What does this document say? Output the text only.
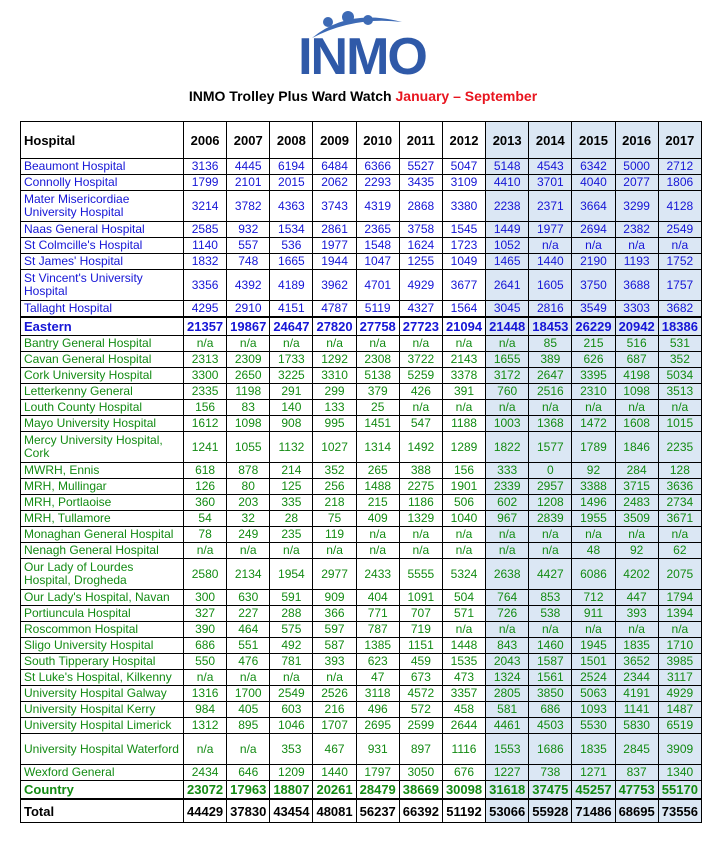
INMO
INMO Trolley Plus Ward Watch January – September
Hospital	2006	2007	2008	2009	2010	2011	2012	2013	2014	2015	2016	2017
Beaumont Hospital	3136	4445	6194	6484	6366	5527	5047	5148	4543	6342	5000	2712
Connolly Hospital	1799	2101	2015	2062	2293	3435	3109	4410	3701	4040	2077	1806
Mater Misericordiae University Hospital	3214	3782	4363	3743	4319	2868	3380	2238	2371	3664	3299	4128
Naas General Hospital	2585	932	1534	2861	2365	3758	1545	1449	1977	2694	2382	2549
St Colmcille's Hospital	1140	557	536	1977	1548	1624	1723	1052	n/a	n/a	n/a	n/a
St James' Hospital	1832	748	1665	1944	1047	1255	1049	1465	1440	2190	1193	1752
St Vincent's University Hospital	3356	4392	4189	3962	4701	4929	3677	2641	1605	3750	3688	1757
Tallaght Hospital	4295	2910	4151	4787	5119	4327	1564	3045	2816	3549	3303	3682
Eastern	21357	19867	24647	27820	27758	27723	21094	21448	18453	26229	20942	18386
Bantry General Hospital	n/a	n/a	n/a	n/a	n/a	n/a	n/a	n/a	85	215	516	531
Cavan General Hospital	2313	2309	1733	1292	2308	3722	2143	1655	389	626	687	352
Cork University Hospital	3300	2650	3225	3310	5138	5259	3378	3172	2647	3395	4198	5034
Letterkenny General	2335	1198	291	299	379	426	391	760	2516	2310	1098	3513
Louth County Hospital	156	83	140	133	25	n/a	n/a	n/a	n/a	n/a	n/a	n/a
Mayo University Hospital	1612	1098	908	995	1451	547	1188	1003	1368	1472	1608	1015
Mercy University Hospital, Cork	1241	1055	1132	1027	1314	1492	1289	1822	1577	1789	1846	2235
MWRH, Ennis	618	878	214	352	265	388	156	333	0	92	284	128
MRH, Mullingar	126	80	125	256	1488	2275	1901	2339	2957	3388	3715	3636
MRH, Portlaoise	360	203	335	218	215	1186	506	602	1208	1496	2483	2734
MRH, Tullamore	54	32	28	75	409	1329	1040	967	2839	1955	3509	3671
Monaghan General Hospital	78	249	235	119	n/a	n/a	n/a	n/a	n/a	n/a	n/a	n/a
Nenagh General Hospital	n/a	n/a	n/a	n/a	n/a	n/a	n/a	n/a	n/a	48	92	62
Our Lady of Lourdes Hospital, Drogheda	2580	2134	1954	2977	2433	5555	5324	2638	4427	6086	4202	2075
Our Lady's Hospital, Navan	300	630	591	909	404	1091	504	764	853	712	447	1794
Portiuncula Hospital	327	227	288	366	771	707	571	726	538	911	393	1394
Roscommon Hospital	390	464	575	597	787	719	n/a	n/a	n/a	n/a	n/a	n/a
Sligo University Hospital	686	551	492	587	1385	1151	1448	843	1460	1945	1835	1710
South Tipperary Hospital	550	476	781	393	623	459	1535	2043	1587	1501	3652	3985
St Luke's Hospital, Kilkenny	n/a	n/a	n/a	n/a	47	673	473	1324	1561	2524	2344	3117
University Hospital Galway	1316	1700	2549	2526	3118	4572	3357	2805	3850	5063	4191	4929
University Hospital Kerry	984	405	603	216	496	572	458	581	686	1093	1141	1487
University Hospital Limerick	1312	895	1046	1707	2695	2599	2644	4461	4503	5530	5830	6519
University Hospital Waterford	n/a	n/a	353	467	931	897	1116	1553	1686	1835	2845	3909
Wexford General	2434	646	1209	1440	1797	3050	676	1227	738	1271	837	1340
Country	23072	17963	18807	20261	28479	38669	30098	31618	37475	45257	47753	55170
Total	44429	37830	43454	48081	56237	66392	51192	53066	55928	71486	68695	73556
